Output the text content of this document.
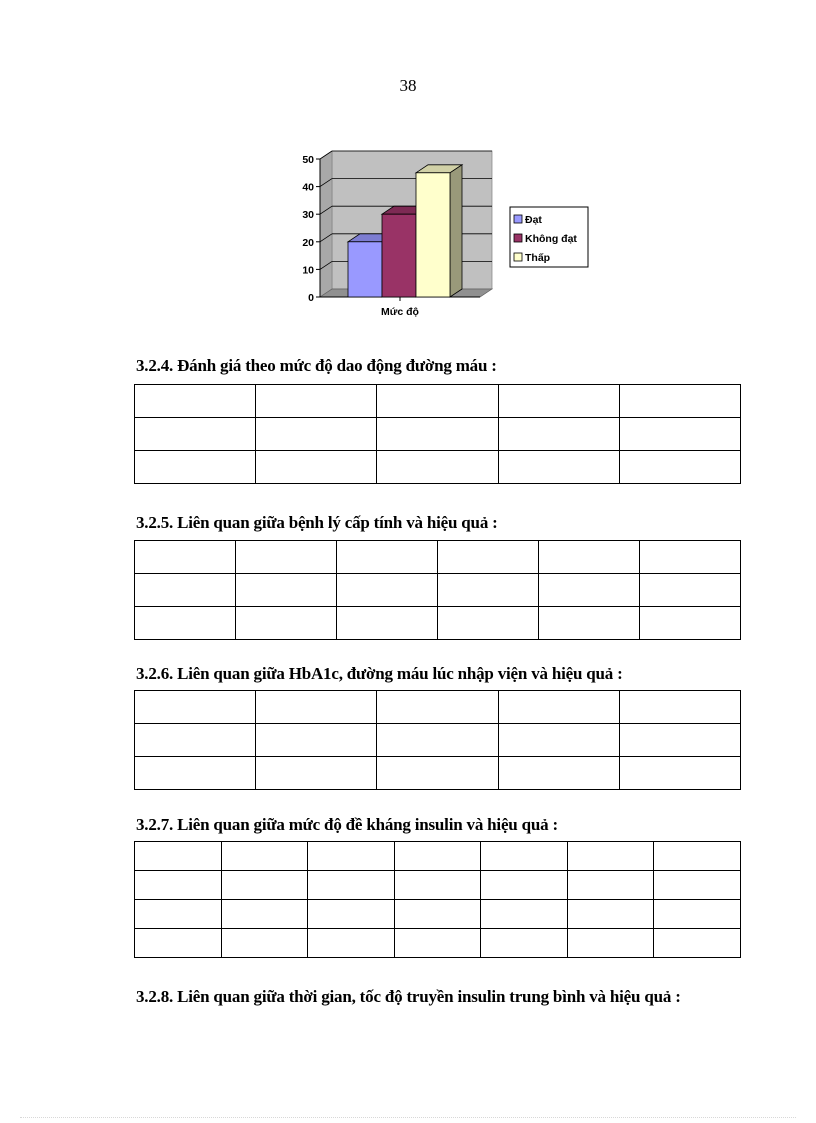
38
0
10
20
30
40
50
Mức độ
Đạt
Không đạt
Thấp
3.2.4. Đánh giá theo mức độ dao động đường máu :

3.2.5. Liên quan giữa bệnh lý cấp tính và hiệu quả :

3.2.6. Liên quan giữa HbA1c, đường máu lúc nhập viện và hiệu quả :

3.2.7. Liên quan giữa mức độ đề kháng insulin và hiệu quả :

3.2.8. Liên quan giữa thời gian, tốc độ truyền insulin trung bình và hiệu quả :
